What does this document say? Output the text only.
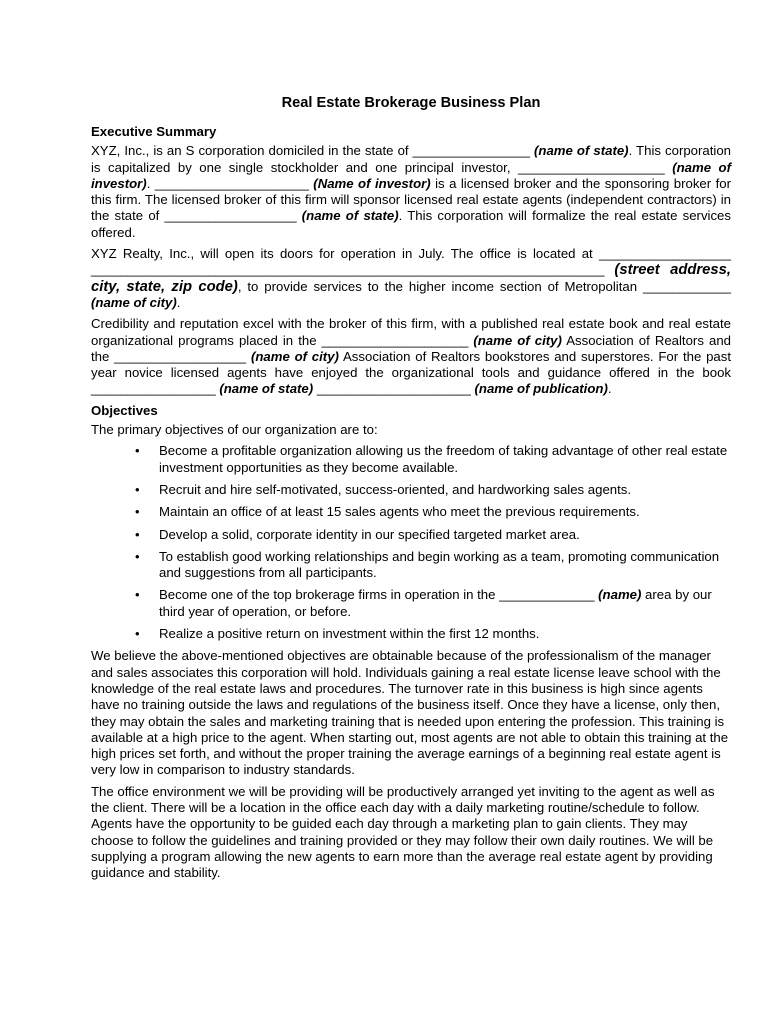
Real Estate Brokerage Business Plan
Executive Summary

XYZ, Inc., is an S corporation domiciled in the state of ________________ (name of state). This corporation is capitalized by one single stockholder and one principal investor, ____________________ (name of investor). _____________________ (Name of investor) is a licensed broker and the sponsoring broker for this firm. The licensed broker of this firm will sponsor licensed real estate agents (independent contractors) in the state of __________________ (name of state). This corporation will formalize the real estate services offered.

XYZ Realty, Inc., will open its doors for operation in July. The office is located at __________________ ______________________________________________________________________ (street address, city, state, zip code), to provide services to the higher income section of Metropolitan ____________ (name of city).

Credibility and reputation excel with the broker of this firm, with a published real estate book and real estate organizational programs placed in the ____________________ (name of city) Association of Realtors and the __________________ (name of city) Association of Realtors bookstores and superstores. For the past year novice licensed agents have enjoyed the organizational tools and guidance offered in the book _________________ (name of state) _____________________ (name of publication).

Objectives

The primary objectives of our organization are to:

• Become a profitable organization allowing us the freedom of taking advantage of other real estate investment opportunities as they become available.
• Recruit and hire self-motivated, success-oriented, and hardworking sales agents.
• Maintain an office of at least 15 sales agents who meet the previous requirements.
• Develop a solid, corporate identity in our specified targeted market area.
• To establish good working relationships and begin working as a team, promoting communication and suggestions from all participants.
• Become one of the top brokerage firms in operation in the _____________ (name) area by our third year of operation, or before.
• Realize a positive return on investment within the first 12 months.

We believe the above-mentioned objectives are obtainable because of the professionalism of the manager and sales associates this corporation will hold. Individuals gaining a real estate license leave school with the knowledge of the real estate laws and procedures. The turnover rate in this business is high since agents have no training outside the laws and regulations of the business itself. Once they have a license, only then, they may obtain the sales and marketing training that is needed upon entering the profession. This training is available at a high price to the agent. When starting out, most agents are not able to obtain this training at the high prices set forth, and without the proper training the average earnings of a beginning real estate agent is very low in comparison to industry standards.

The office environment we will be providing will be productively arranged yet inviting to the agent as well as the client. There will be a location in the office each day with a daily marketing routine/schedule to follow. Agents have the opportunity to be guided each day through a marketing plan to gain clients. They may choose to follow the guidelines and training provided or they may follow their own daily routines. We will be supplying a program allowing the new agents to earn more than the average real estate agent by providing guidance and stability.
